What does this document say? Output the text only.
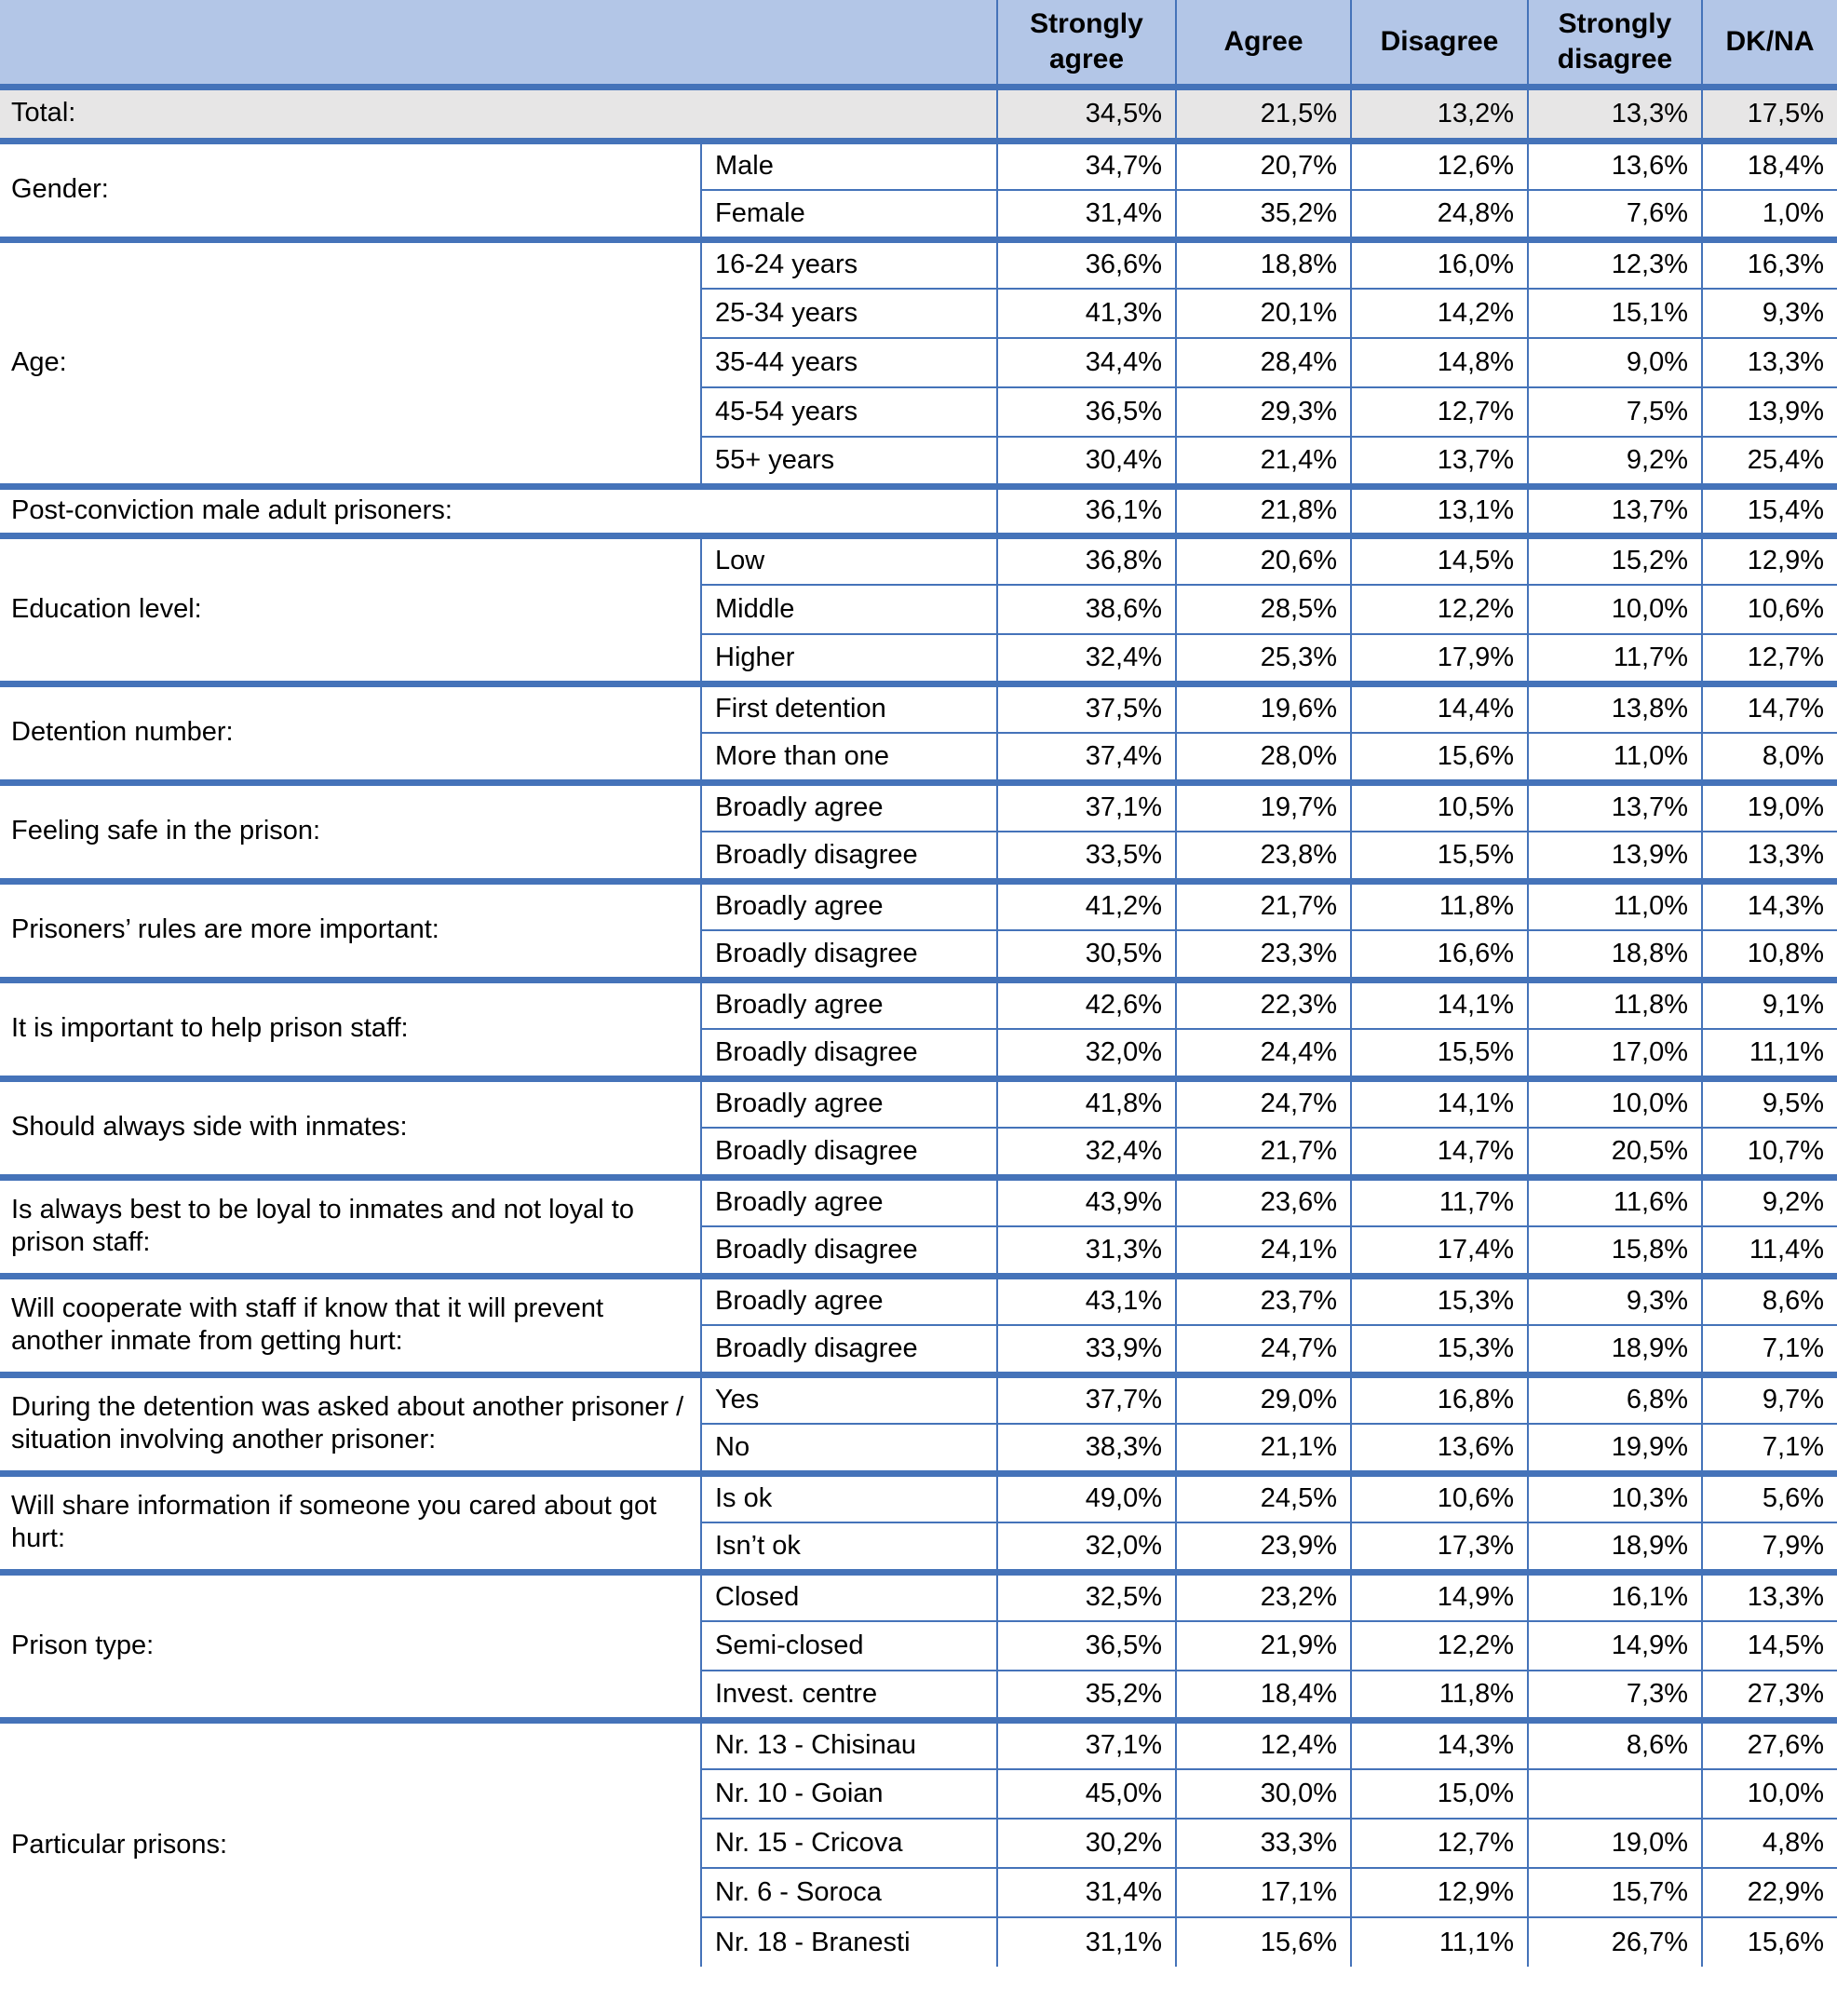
		Strongly agree	Agree	Disagree	Strongly disagree	DK/NA
Total:		34,5%	21,5%	13,2%	13,3%	17,5%
Gender:	Male	34,7%	20,7%	12,6%	13,6%	18,4%
	Female	31,4%	35,2%	24,8%	7,6%	1,0%
Age:	16-24 years	36,6%	18,8%	16,0%	12,3%	16,3%
	25-34 years	41,3%	20,1%	14,2%	15,1%	9,3%
	35-44 years	34,4%	28,4%	14,8%	9,0%	13,3%
	45-54 years	36,5%	29,3%	12,7%	7,5%	13,9%
	55+ years	30,4%	21,4%	13,7%	9,2%	25,4%
Post-conviction male adult prisoners:		36,1%	21,8%	13,1%	13,7%	15,4%
Education level:	Low	36,8%	20,6%	14,5%	15,2%	12,9%
	Middle	38,6%	28,5%	12,2%	10,0%	10,6%
	Higher	32,4%	25,3%	17,9%	11,7%	12,7%
Detention number:	First detention	37,5%	19,6%	14,4%	13,8%	14,7%
	More than one	37,4%	28,0%	15,6%	11,0%	8,0%
Feeling safe in the prison:	Broadly agree	37,1%	19,7%	10,5%	13,7%	19,0%
	Broadly disagree	33,5%	23,8%	15,5%	13,9%	13,3%
Prisoners’ rules are more important:	Broadly agree	41,2%	21,7%	11,8%	11,0%	14,3%
	Broadly disagree	30,5%	23,3%	16,6%	18,8%	10,8%
It is important to help prison staff:	Broadly agree	42,6%	22,3%	14,1%	11,8%	9,1%
	Broadly disagree	32,0%	24,4%	15,5%	17,0%	11,1%
Should always side with inmates:	Broadly agree	41,8%	24,7%	14,1%	10,0%	9,5%
	Broadly disagree	32,4%	21,7%	14,7%	20,5%	10,7%
Is always best to be loyal to inmates and not loyal to prison staff:	Broadly agree	43,9%	23,6%	11,7%	11,6%	9,2%
	Broadly disagree	31,3%	24,1%	17,4%	15,8%	11,4%
Will cooperate with staff if know that it will prevent another inmate from getting hurt:	Broadly agree	43,1%	23,7%	15,3%	9,3%	8,6%
	Broadly disagree	33,9%	24,7%	15,3%	18,9%	7,1%
During the detention was asked about another prisoner / situation involving another prisoner:	Yes	37,7%	29,0%	16,8%	6,8%	9,7%
	No	38,3%	21,1%	13,6%	19,9%	7,1%
Will share information if someone you cared about got hurt:	Is ok	49,0%	24,5%	10,6%	10,3%	5,6%
	Isn’t ok	32,0%	23,9%	17,3%	18,9%	7,9%
Prison type:	Closed	32,5%	23,2%	14,9%	16,1%	13,3%
	Semi-closed	36,5%	21,9%	12,2%	14,9%	14,5%
	Invest. centre	35,2%	18,4%	11,8%	7,3%	27,3%
Particular prisons:	Nr. 13 - Chisinau	37,1%	12,4%	14,3%	8,6%	27,6%
	Nr. 10 - Goian	45,0%	30,0%	15,0%		10,0%
	Nr. 15 - Cricova	30,2%	33,3%	12,7%	19,0%	4,8%
	Nr. 6 - Soroca	31,4%	17,1%	12,9%	15,7%	22,9%
	Nr. 18 - Branesti	31,1%	15,6%	11,1%	26,7%	15,6%
